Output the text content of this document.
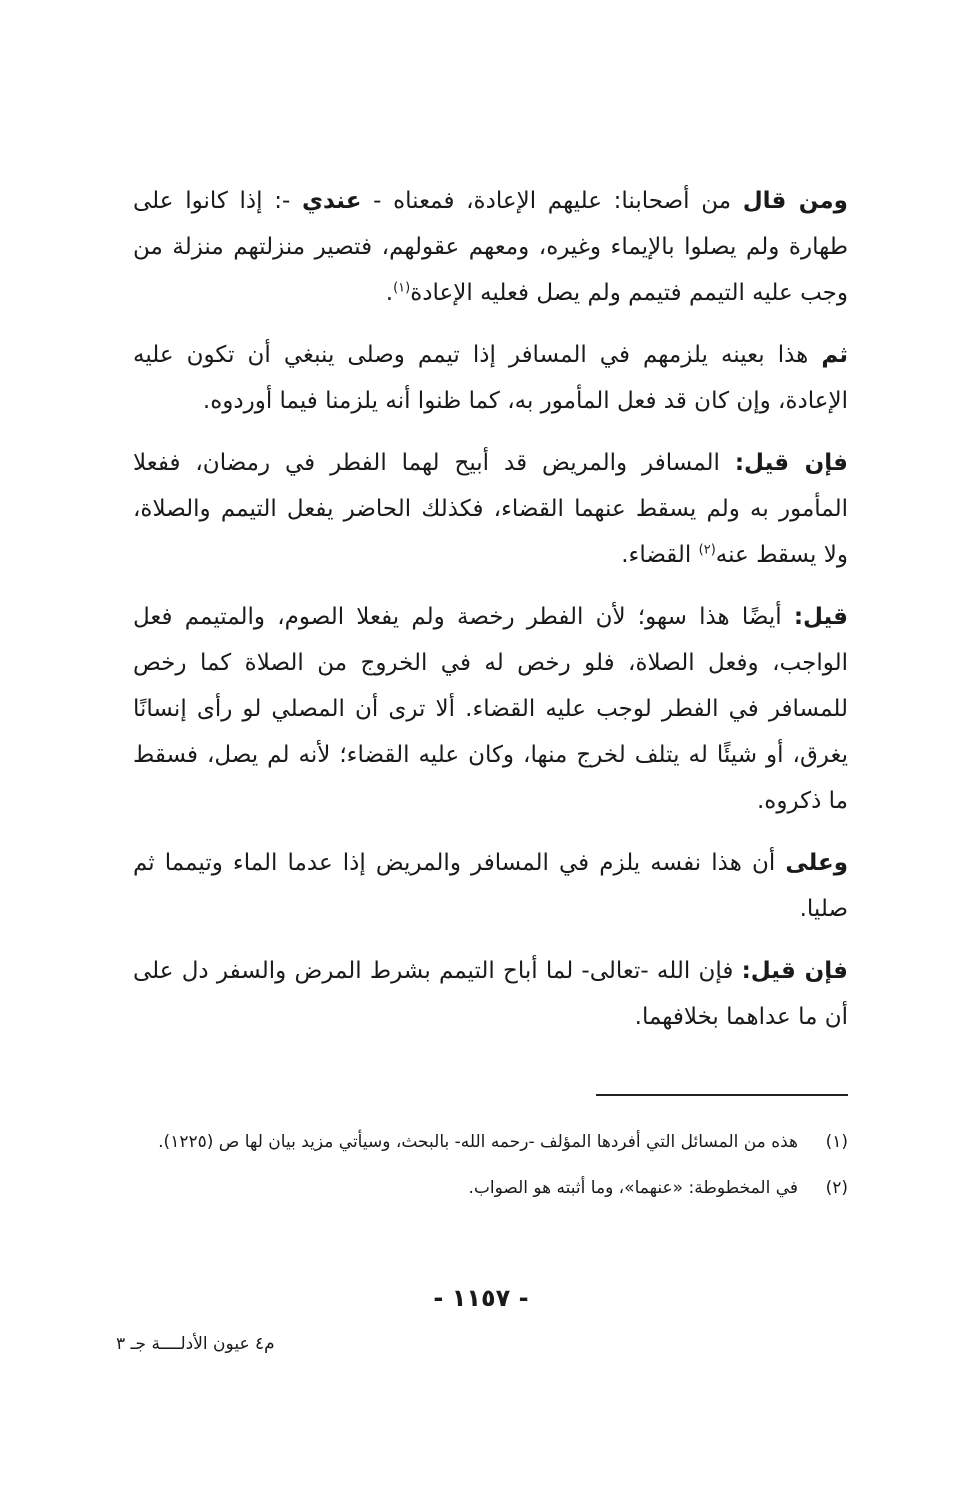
ومن قال من أصحابنا: عليهم الإعادة، فمعناه - عندي -: إذا كانوا على طهارة ولم يصلوا بالإيماء وغيره، ومعهم عقولهم، فتصير منزلتهم منزلة من وجب عليه التيمم فتيمم ولم يصل فعليه الإعادة$^{(١)}$.

ثم هذا بعينه يلزمهم في المسافر إذا تيمم وصلى ينبغي أن تكون عليه الإعادة، وإن كان قد فعل المأمور به، كما ظنوا أنه يلزمنا فيما أوردوه.

فإن قيل: المسافر والمريض قد أبيح لهما الفطر في رمضان، ففعلا المأمور به ولم يسقط عنهما القضاء، فكذلك الحاضر يفعل التيمم والصلاة، ولا يسقط عنه$^{(٢)}$ القضاء.

قيل: أيضًا هذا سهو؛ لأن الفطر رخصة ولم يفعلا الصوم، والمتيمم فعل الواجب، وفعل الصلاة، فلو رخص له في الخروج من الصلاة كما رخص للمسافر في الفطر لوجب عليه القضاء. ألا ترى أن المصلي لو رأى إنسانًا يغرق، أو شيئًا له يتلف لخرج منها، وكان عليه القضاء؛ لأنه لم يصل، فسقط ما ذكروه.

وعلى أن هذا نفسه يلزم في المسافر والمريض إذا عدما الماء وتيمما ثم صليا.

فإن قيل: فإن الله -تعالى- لما أباح التيمم بشرط المرض والسفر دل على أن ما عداهما بخلافهما.

(١)
هذه من المسائل التي أفردها المؤلف -رحمه الله- بالبحث، وسيأتي مزيد بيان لها ص (١٢٢٥).
(٢)
في المخطوطة: «عنهما»، وما أثبته هو الصواب.
- ١١٥٧ -
م٤ عيون الأدلــــة جـ ٣
